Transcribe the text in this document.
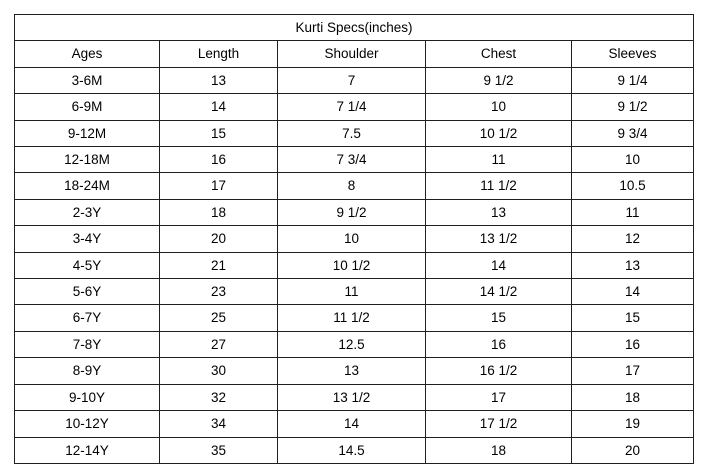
Kurti Specs(inches)				
Ages	Length	Shoulder	Chest	Sleeves
3-6M	13	7	9 1/2	9 1/4
6-9M	14	7 1/4	10	9 1/2
9-12M	15	7.5	10 1/2	9 3/4
12-18M	16	7 3/4	11	10
18-24M	17	8	11 1/2	10.5
2-3Y	18	9 1/2	13	11
3-4Y	20	10	13 1/2	12
4-5Y	21	10 1/2	14	13
5-6Y	23	11	14 1/2	14
6-7Y	25	11 1/2	15	15
7-8Y	27	12.5	16	16
8-9Y	30	13	16 1/2	17
9-10Y	32	13 1/2	17	18
10-12Y	34	14	17 1/2	19
12-14Y	35	14.5	18	20
